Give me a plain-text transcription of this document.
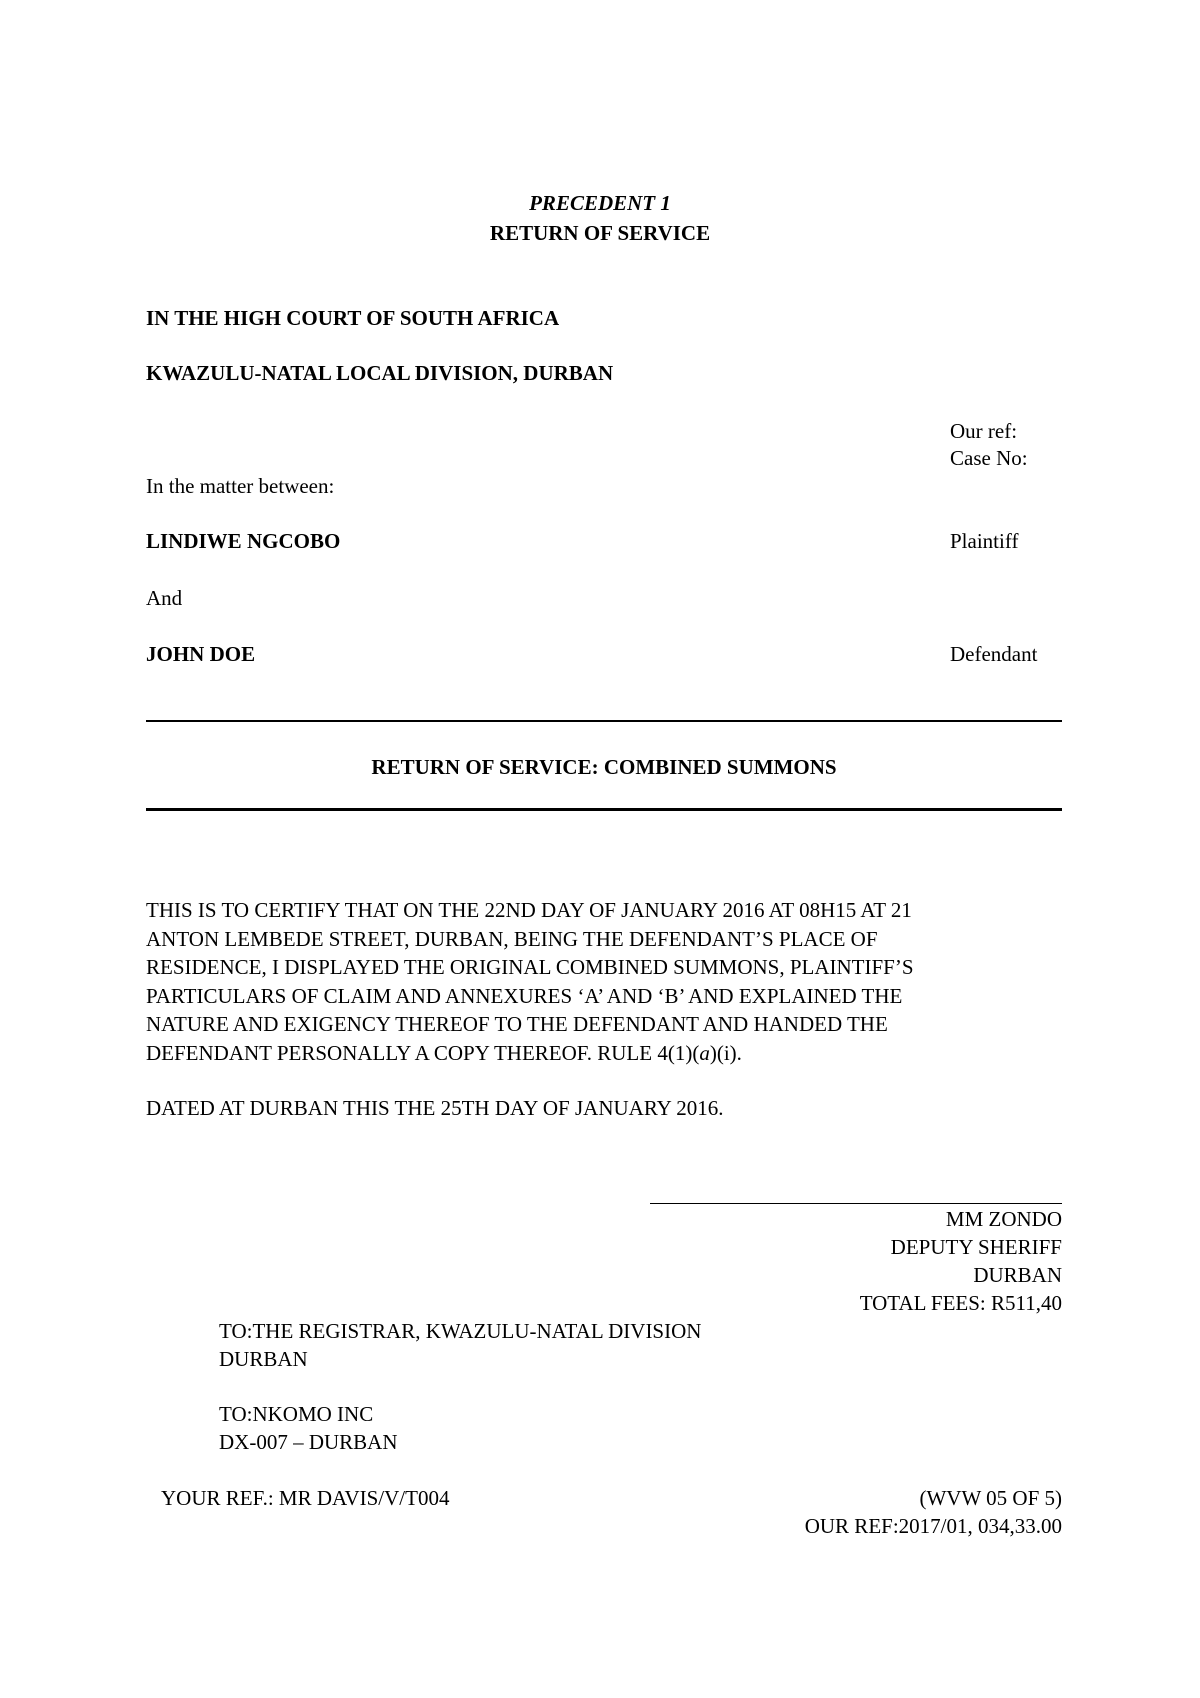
PRECEDENT 1
RETURN OF SERVICE
IN THE HIGH COURT OF SOUTH AFRICA
KWAZULU-NATAL LOCAL DIVISION, DURBAN
Our ref:
Case No:
In the matter between:
LINDIWE NGCOBO	Plaintiff
And
JOHN DOE	Defendant
RETURN OF SERVICE: COMBINED SUMMONS
THIS IS TO CERTIFY THAT ON THE 22ND DAY OF JANUARY 2016 AT 08H15 AT 21
ANTON LEMBEDE STREET, DURBAN, BEING THE DEFENDANT’S PLACE OF
RESIDENCE, I DISPLAYED THE ORIGINAL COMBINED SUMMONS, PLAINTIFF’S
PARTICULARS OF CLAIM AND ANNEXURES ‘A’ AND ‘B’ AND EXPLAINED THE
NATURE AND EXIGENCY THEREOF TO THE DEFENDANT AND HANDED THE
DEFENDANT PERSONALLY A COPY THEREOF. RULE 4(1)(a)(i).
DATED AT DURBAN THIS THE 25TH DAY OF JANUARY 2016.
MM ZONDO
DEPUTY SHERIFF
DURBAN
TOTAL FEES: R511,40
TO:THE REGISTRAR, KWAZULU-NATAL DIVISION
DURBAN
TO:NKOMO INC
DX-007 – DURBAN
YOUR REF.: MR DAVIS/V/T004	(WVW 05 OF 5)
OUR REF:2017/01, 034,33.00
